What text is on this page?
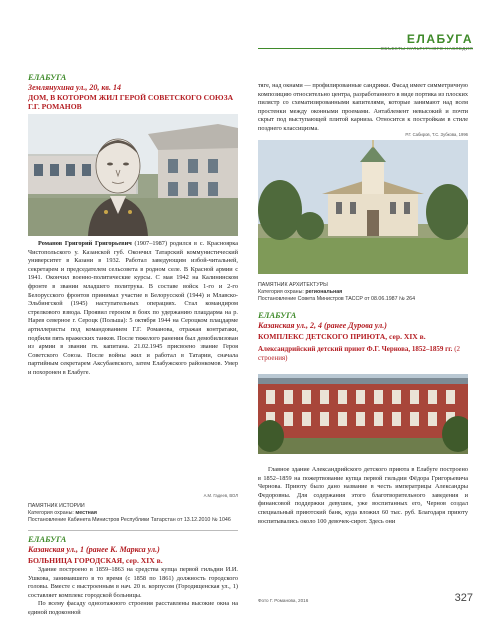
ЕЛАБУГА
ОБЪЕКТЫ КУЛЬТУРНОГО НАСЛЕДИЯ
ЕЛАБУГА
Землянухина ул., 20, кв. 14
ДОМ, В КОТОРОМ ЖИЛ ГЕРОЙ СОВЕТСКОГО СОЮЗА Г.Г. РОМАНОВ

Романов Григорий Григорьевич (1907–1987) родился в с. Красноярка Чистопольского у. Казанской губ. Окончил Татарский коммунистический университет в Казани в 1932. Работал заведующим избой-читальней, секретарем и председателем сельсовета в родном селе. В Красной армии с 1941. Окончил военно-политические курсы. С мая 1942 на Калининском фронте в звании младшего политрука. В составе войск 1-го и 2-го Белорусского фронтов принимал участие в Белорусской (1944) и Млавско-Эльбингской (1945) наступательных операциях. Стал командиром стрелкового взвода. Проявил героизм в боях по удержанию плацдарма на р. Нарев северное г. Сероцк (Польша): 5 октября 1944 на Сероцком плацдарме артиллеристы под командованием Г.Г. Романова, отражая контратаки, подбили пять вражеских танков. После тяжелого ранения был демобилизован из армии в звании гв. капитана. 21.02.1945 присвоено звание Героя Советского Союза. После войны жил и работал в Татарии, сначала партийным секретарем Аксубаевского, затем Елабужского районкомов. Умер и похоронен в Елабуге.

А.М. Гадеев, ВОЛ
ПАМЯТНИК ИСТОРИИ
Категория охраны: местная
Постановление Кабинета Министров Республики Татарстан от 13.12.2010 № 1046
ЕЛАБУГА
Казанская ул., 1 (ранее К. Маркса ул.)
БОЛЬНИЦА ГОРОДСКАЯ, сер. XIX в.

Здание построено в 1859–1863 на средства купца первой гильдии И.И. Ушкова, занимавшего в то время (с 1858 по 1861) должность городского головы. Вместе с выстроенным в нач. 20 в. корпусом (Городищенская ул., 1) составляет комплекс городской больницы.

По всему фасаду одноэтажного строения расставлены высокие окна на единой подоконной

тяге, над окнами — профилированные сандрики. Фасад имеет симметричную композицию относительно центра, разработанного в виде портика из плоских пилястр со схематизированными капителями, которые занимают над всем простенки между оконными проемами. Антаблемент невысокий и почти скрыт под выступающей плитой карниза. Относится к постройкам в стиле позднего классицизма.

Р.Г. Сабиров, Т.С. Зубкова, 1996
ПАМЯТНИК АРХИТЕКТУРЫ
Категория охраны: региональная
Постановление Совета Министров ТАССР от 08.06.1987 № 264
ЕЛАБУГА
Казанская ул., 2, 4 (ранее Дурова ул.)
КОМПЛЕКС ДЕТСКОГО ПРИЮТА, сер. XIX в.
Александрийский детский приют Ф.Г. Чернова, 1852–1859 гг. (2 строения)

Главное здание Александрийского детского приюта в Елабуге построено в 1852–1859 на пожертвование купца первой гильдии Фёдора Григорьевича Чернова. Приюту было дано название в честь императрицы Александры Федоровны. Для содержания этого благотворительного заведения и финансовой поддержки девушек, уже воспитанных его, Чернов создал специальный приютский банк, куда вложил 60 тыс. руб. Благодаря приюту воспитывались около 100 девочек-сирот. Здесь они

Фото Г. Романова, 2016	327
